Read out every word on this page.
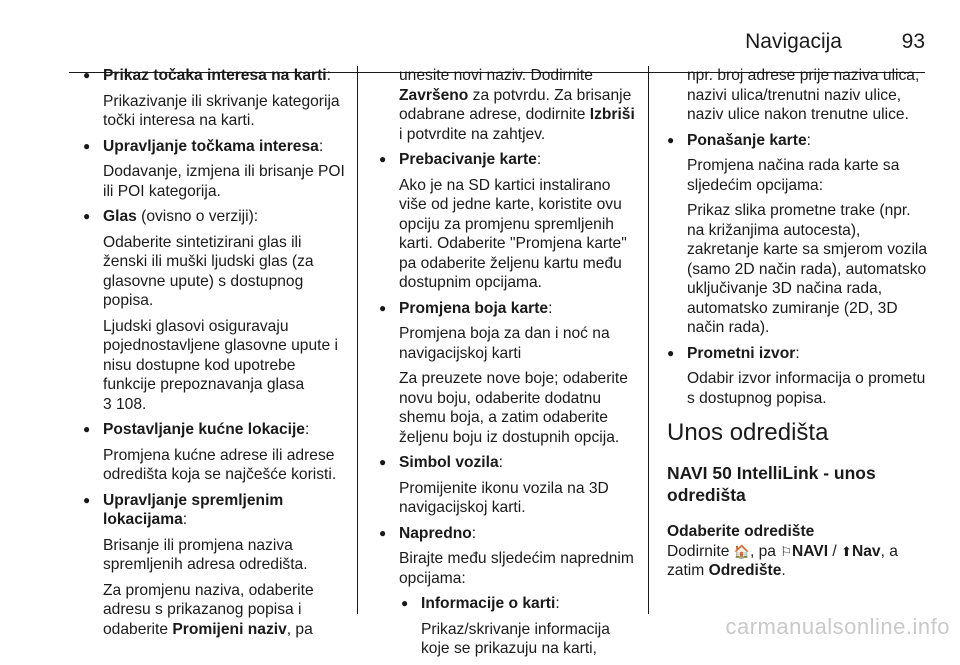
Navigacija	93
● Prikaz točaka interesa na karti:
Prikazivanje ili skrivanje kategorija točki interesa na karti.
● Upravljanje točkama interesa:
Dodavanje, izmjena ili brisanje POI ili POI kategorija.
● Glas (ovisno o verziji):
Odaberite sintetizirani glas ili ženski ili muški ljudski glas (za glasovne upute) s dostupnog popisa.
Ljudski glasovi osiguravaju pojednostavljene glasovne upute i nisu dostupne kod upotrebe funkcije prepoznavanja glasa
3 108.
● Postavljanje kućne lokacije:
Promjena kućne adrese ili adrese odredišta koja se najčešće koristi.
● Upravljanje spremljenim lokacijama:
Brisanje ili promjena naziva spremljenih adresa odredišta.
Za promjenu naziva, odaberite adresu s prikazanog popisa i odaberite Promijeni naziv, pa
unesite novi naziv. Dodirnite Završeno za potvrdu. Za brisanje odabrane adrese, dodirnite Izbriši i potvrdite na zahtjev.
● Prebacivanje karte:
Ako je na SD kartici instalirano više od jedne karte, koristite ovu opciju za promjenu spremljenih karti. Odaberite "Promjena karte" pa odaberite željenu kartu među dostupnim opcijama.
● Promjena boja karte:
Promjena boja za dan i noć na navigacijskoj karti
Za preuzete nove boje; odaberite novu boju, odaberite dodatnu shemu boja, a zatim odaberite željenu boju iz dostupnih opcija.
● Simbol vozila:
Promijenite ikonu vozila na 3D navigacijskoj karti.
● Napredno:
Birajte među sljedećim naprednim opcijama:
● Informacije o karti:
Prikaz/skrivanje informacija koje se prikazuju na karti,
npr. broj adrese prije naziva ulica, nazivi ulica/trenutni naziv ulice, naziv ulice nakon trenutne ulice.
● Ponašanje karte:
Promjena načina rada karte sa sljedećim opcijama:
Prikaz slika prometne trake (npr. na križanjima autocesta), zakretanje karte sa smjerom vozila (samo 2D način rada), automatsko uključivanje 3D načina rada, automatsko zumiranje (2D, 3D način rada).
● Prometni izvor:
Odabir izvor informacija o prometu s dostupnog popisa.
Unos odredišta
NAVI 50 IntelliLink - unos odredišta
Odaberite odredište
Dodirnite 🏠, pa ⚐NAVI / ⬆Nav, a zatim Odredište.
carmanualsonline.info
